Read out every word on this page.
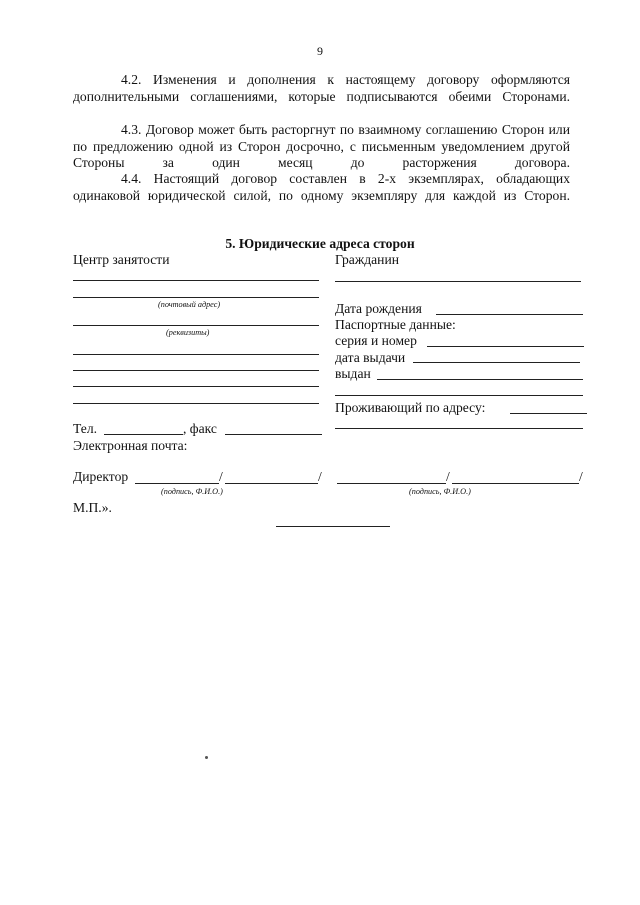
9
4.2. Изменения и дополнения к настоящему договору оформляются дополнительными соглашениями, которые подписываются обеими Сторонами.
4.3. Договор может быть расторгнут по взаимному соглашению Сторон или по предложению одной из Сторон досрочно, с письменным уведомлением другой Стороны за один месяц до расторжения договора.
4.4. Настоящий договор составлен в 2-х экземплярах, обладающих одинаковой юридической силой, по одному экземпляру для каждой из Сторон.
5. Юридические адреса сторон
Центр занятости
(почтовый адрес)
(реквизиты)
Тел.	, факс
Электронная почта:
Директор	/	/
(подпись, Ф.И.О.)
М.П.».
Гражданин
Дата рождения
Паспортные данные:
серия и номер
дата выдачи
выдан
Проживающий по адресу:
/	/
(подпись, Ф.И.О.)
